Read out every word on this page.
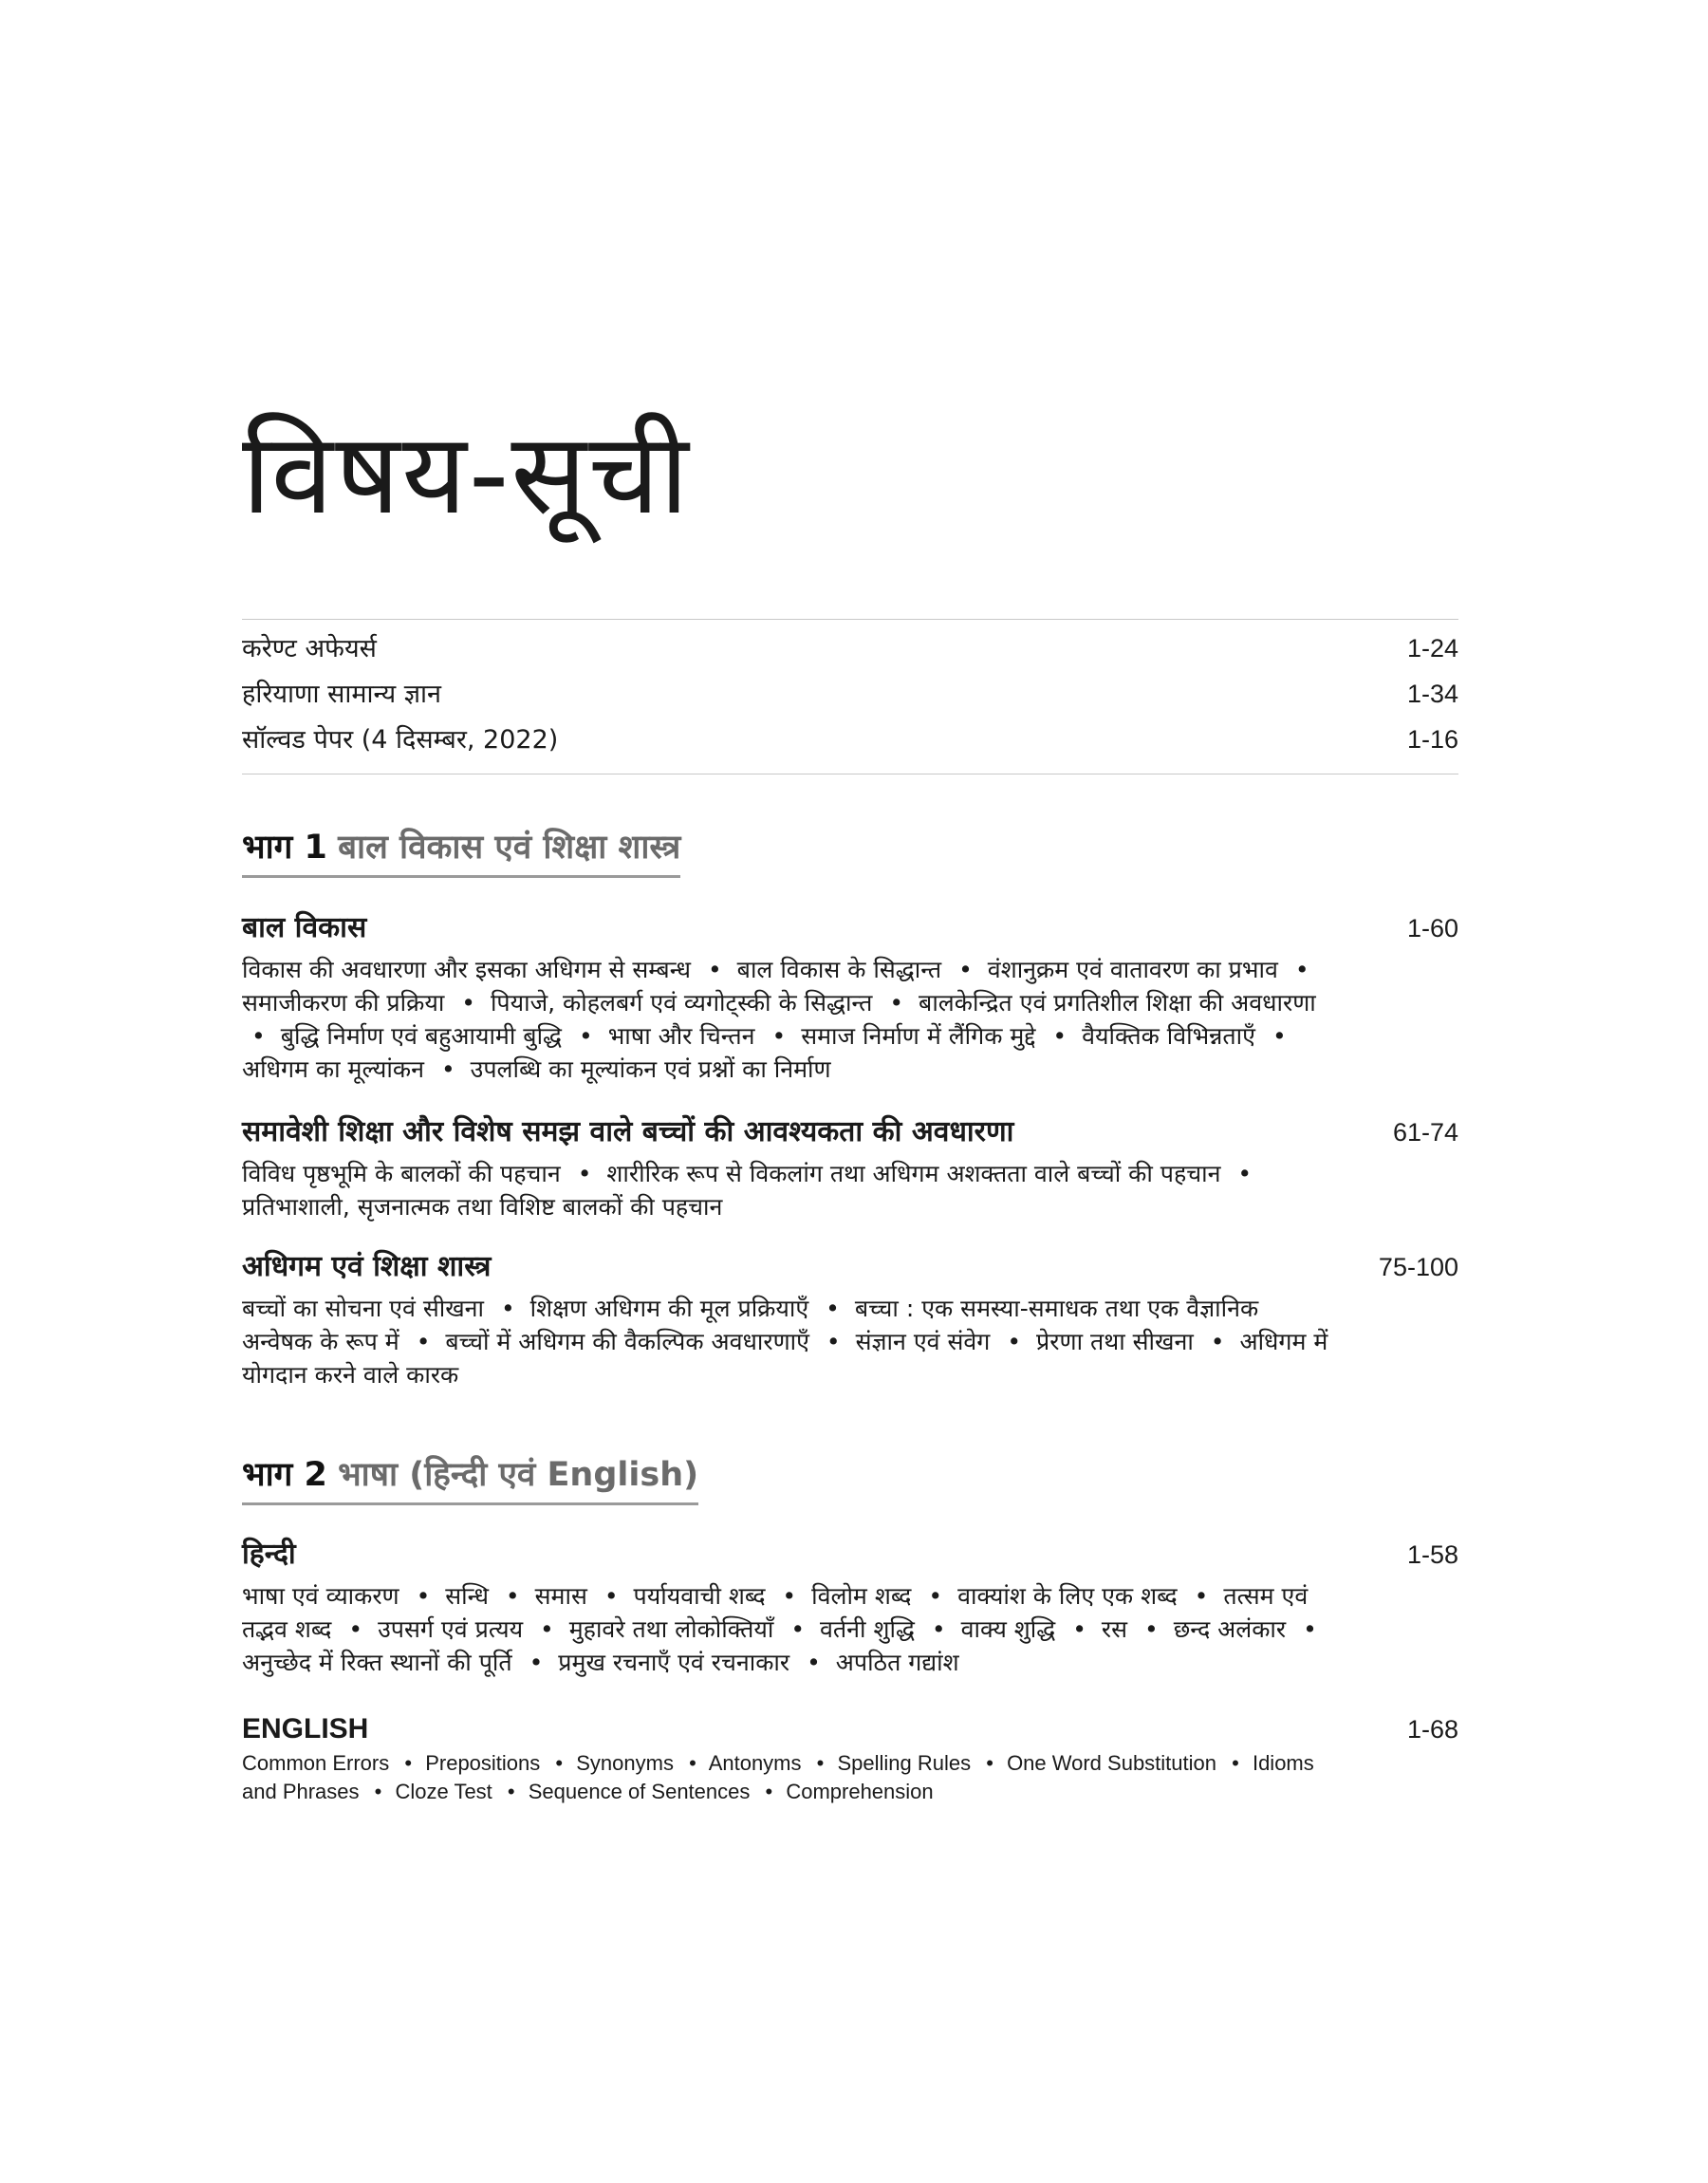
विषय-सूची
करेण्ट अफेयर्स	1-24
हरियाणा सामान्य ज्ञान	1-34
सॉल्वड पेपर (4 दिसम्बर, 2022)	1-16
भाग 1 बाल विकास एवं शिक्षा शास्त्र
बाल विकास	1-60
विकास की अवधारणा और इसका अधिगम से सम्बन्ध • बाल विकास के सिद्धान्त • वंशानुक्रम एवं वातावरण का प्रभाव • समाजीकरण की प्रक्रिया • पियाजे, कोहलबर्ग एवं व्यगोट्स्की के सिद्धान्त • बालकेन्द्रित एवं प्रगतिशील शिक्षा की अवधारणा • बुद्धि निर्माण एवं बहुआयामी बुद्धि • भाषा और चिन्तन • समाज निर्माण में लैंगिक मुद्दे • वैयक्तिक विभिन्नताएँ • अधिगम का मूल्यांकन • उपलब्धि का मूल्यांकन एवं प्रश्नों का निर्माण
समावेशी शिक्षा और विशेष समझ वाले बच्चों की आवश्यकता की अवधारणा	61-74
विविध पृष्ठभूमि के बालकों की पहचान • शारीरिक रूप से विकलांग तथा अधिगम अशक्तता वाले बच्चों की पहचान • प्रतिभाशाली, सृजनात्मक तथा विशिष्ट बालकों की पहचान
अधिगम एवं शिक्षा शास्त्र	75-100
बच्चों का सोचना एवं सीखना • शिक्षण अधिगम की मूल प्रक्रियाएँ • बच्चा : एक समस्या-समाधक तथा एक वैज्ञानिक अन्वेषक के रूप में • बच्चों में अधिगम की वैकल्पिक अवधारणाएँ • संज्ञान एवं संवेग • प्रेरणा तथा सीखना • अधिगम में योगदान करने वाले कारक
भाग 2 भाषा (हिन्दी एवं English)
हिन्दी	1-58
भाषा एवं व्याकरण • सन्धि • समास • पर्यायवाची शब्द • विलोम शब्द • वाक्यांश के लिए एक शब्द • तत्सम एवं तद्भव शब्द • उपसर्ग एवं प्रत्यय • मुहावरे तथा लोकोक्तियाँ • वर्तनी शुद्धि • वाक्य शुद्धि • रस • छन्द अलंकार • अनुच्छेद में रिक्त स्थानों की पूर्ति • प्रमुख रचनाएँ एवं रचनाकार • अपठित गद्यांश
ENGLISH	1-68
Common Errors • Prepositions • Synonyms • Antonyms • Spelling Rules • One Word Substitution • Idioms and Phrases • Cloze Test • Sequence of Sentences • Comprehension
